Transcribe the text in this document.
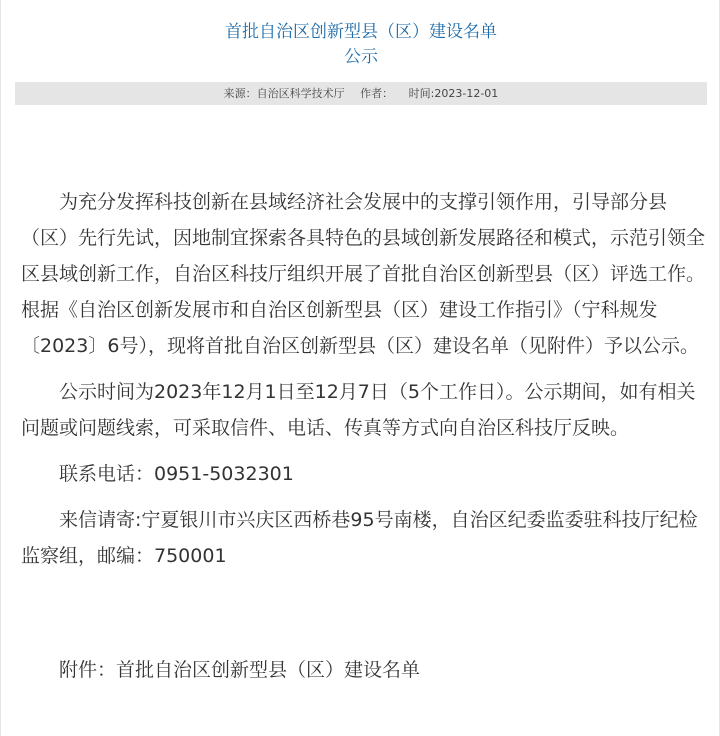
首批自治区创新型县（区）建设名单
公示
来源：自治区科学技术厅 作者： 时间:2023-12-01

为充分发挥科技创新在县域经济社会发展中的支撑引领作用，引导部分县（区）先行先试，因地制宜探索各具特色的县域创新发展路径和模式，示范引领全区县域创新工作，自治区科技厅组织开展了首批自治区创新型县（区）评选工作。根据《自治区创新发展市和自治区创新型县（区）建设工作指引》（宁科规发〔2023〕6号），现将首批自治区创新型县（区）建设名单（见附件）予以公示。

公示时间为2023年12月1日至12月7日（5个工作日）。公示期间，如有相关问题或问题线索，可采取信件、电话、传真等方式向自治区科技厅反映。

联系电话：0951-5032301

来信请寄:宁夏银川市兴庆区西桥巷95号南楼，自治区纪委监委驻科技厅纪检监察组，邮编：750001

附件：首批自治区创新型县（区）建设名单
